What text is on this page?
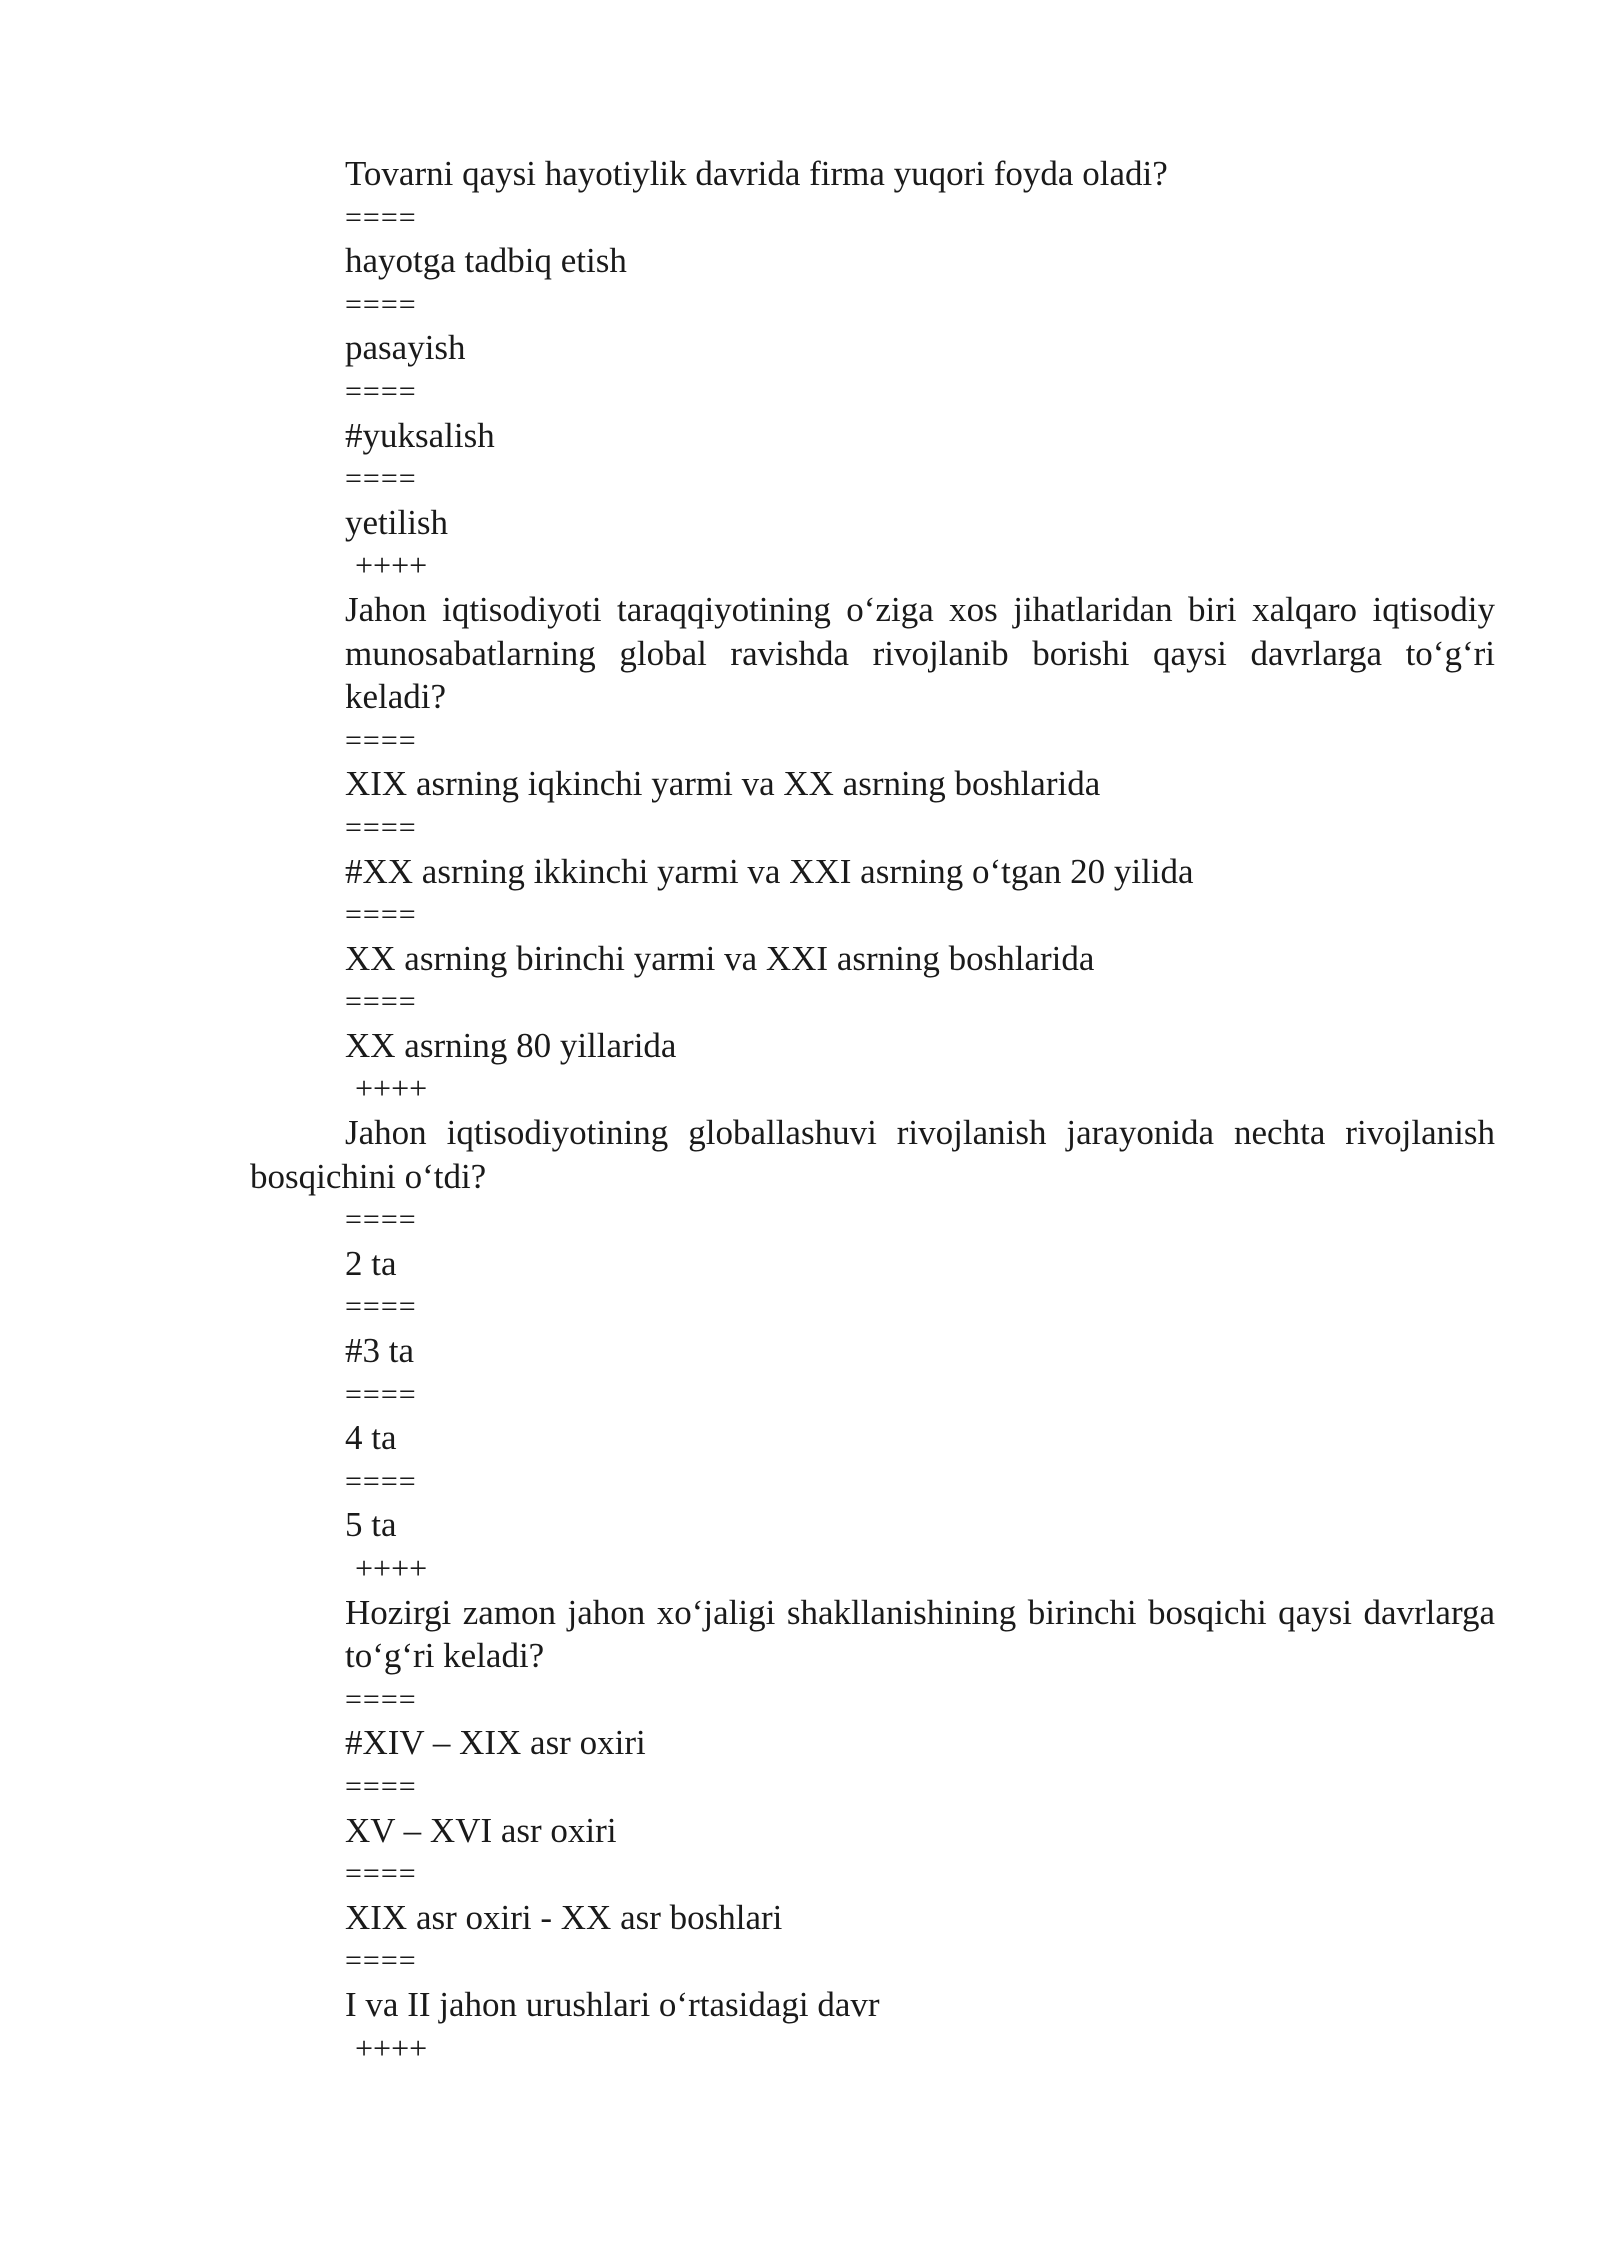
Tovarni qaysi hayotiylik davrida firma yuqori foyda oladi?
====
hayotga tadbiq etish
====
pasayish
====
#yuksalish
====
yetilish
++++
Jahon iqtisodiyoti taraqqiyotining o‘ziga xos jihatlaridan biri xalqaro iqtisodiy munosabatlarning global ravishda rivojlanib borishi qaysi davrlarga to‘g‘ri keladi?
====
XIX asrning iqkinchi yarmi va XX asrning boshlarida
====
#XX asrning ikkinchi yarmi va XXI asrning o‘tgan 20 yilida
====
XX asrning birinchi yarmi va XXI asrning boshlarida
====
XX asrning 80 yillarida
++++
Jahon iqtisodiyotining globallashuvi rivojlanish jarayonida nechta rivojlanish bosqichini o‘tdi?
====
2 ta
====
#3 ta
====
4 ta
====
5 ta
++++
Hozirgi zamon jahon xo‘jaligi shakllanishining birinchi bosqichi qaysi davrlarga to‘g‘ri keladi?
====
#XIV – XIX asr oxiri
====
XV – XVI asr oxiri
====
XIX asr oxiri - XX asr boshlari
====
I va II jahon urushlari o‘rtasidagi davr
++++
